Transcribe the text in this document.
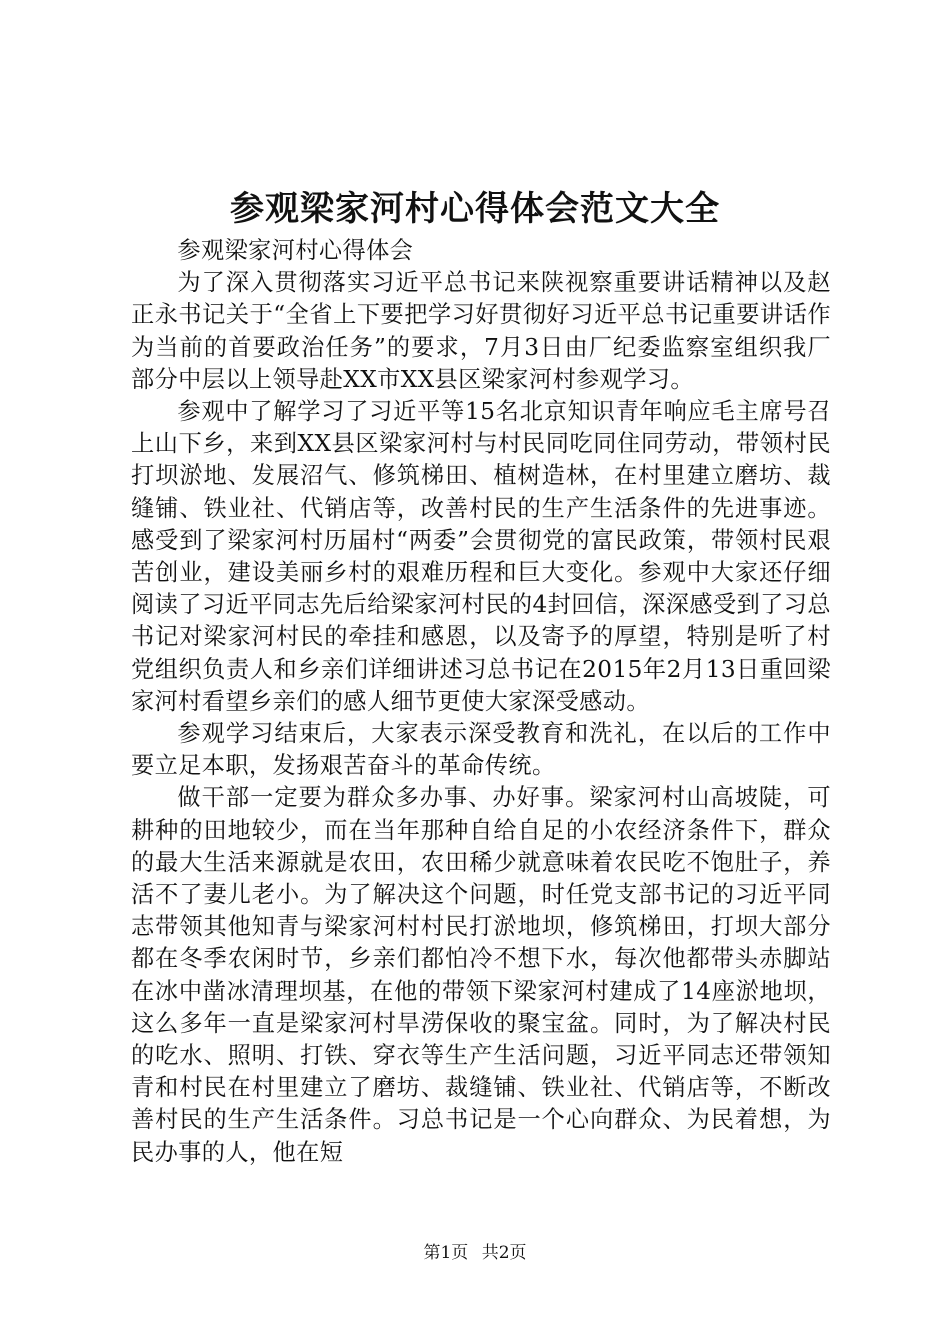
参观梁家河村心得体会范文大全

参观梁家河村心得体会

为了深入贯彻落实习近平总书记来陕视察重要讲话精神以及赵正永书记关于“全省上下要把学习好贯彻好习近平总书记重要讲话作为当前的首要政治任务”的要求，7月3日由厂纪委监察室组织我厂部分中层以上领导赴XX市XX县区梁家河村参观学习。

参观中了解学习了习近平等15名北京知识青年响应毛主席号召上山下乡，来到XX县区梁家河村与村民同吃同住同劳动，带领村民打坝淤地、发展沼气、修筑梯田、植树造林，在村里建立磨坊、裁缝铺、铁业社、代销店等，改善村民的生产生活条件的先进事迹。感受到了梁家河村历届村“两委”会贯彻党的富民政策，带领村民艰苦创业，建设美丽乡村的艰难历程和巨大变化。参观中大家还仔细阅读了习近平同志先后给梁家河村民的4封回信，深深感受到了习总书记对梁家河村民的牵挂和感恩，以及寄予的厚望，特别是听了村党组织负责人和乡亲们详细讲述习总书记在2015年2月13日重回梁家河村看望乡亲们的感人细节更使大家深受感动。

参观学习结束后，大家表示深受教育和洗礼，在以后的工作中要立足本职，发扬艰苦奋斗的革命传统。

做干部一定要为群众多办事、办好事。梁家河村山高坡陡，可耕种的田地较少，而在当年那种自给自足的小农经济条件下，群众的最大生活来源就是农田，农田稀少就意味着农民吃不饱肚子，养活不了妻儿老小。为了解决这个问题，时任党支部书记的习近平同志带领其他知青与梁家河村村民打淤地坝，修筑梯田，打坝大部分都在冬季农闲时节，乡亲们都怕冷不想下水，每次他都带头赤脚站在冰中凿冰清理坝基，在他的带领下梁家河村建成了14座淤地坝，这么多年一直是梁家河村旱涝保收的聚宝盆。同时，为了解决村民的吃水、照明、打铁、穿衣等生产生活问题，习近平同志还带领知青和村民在村里建立了磨坊、裁缝铺、铁业社、代销店等，不断改善村民的生产生活条件。习总书记是一个心向群众、为民着想，为民办事的人，他在短

第1页 共2页
